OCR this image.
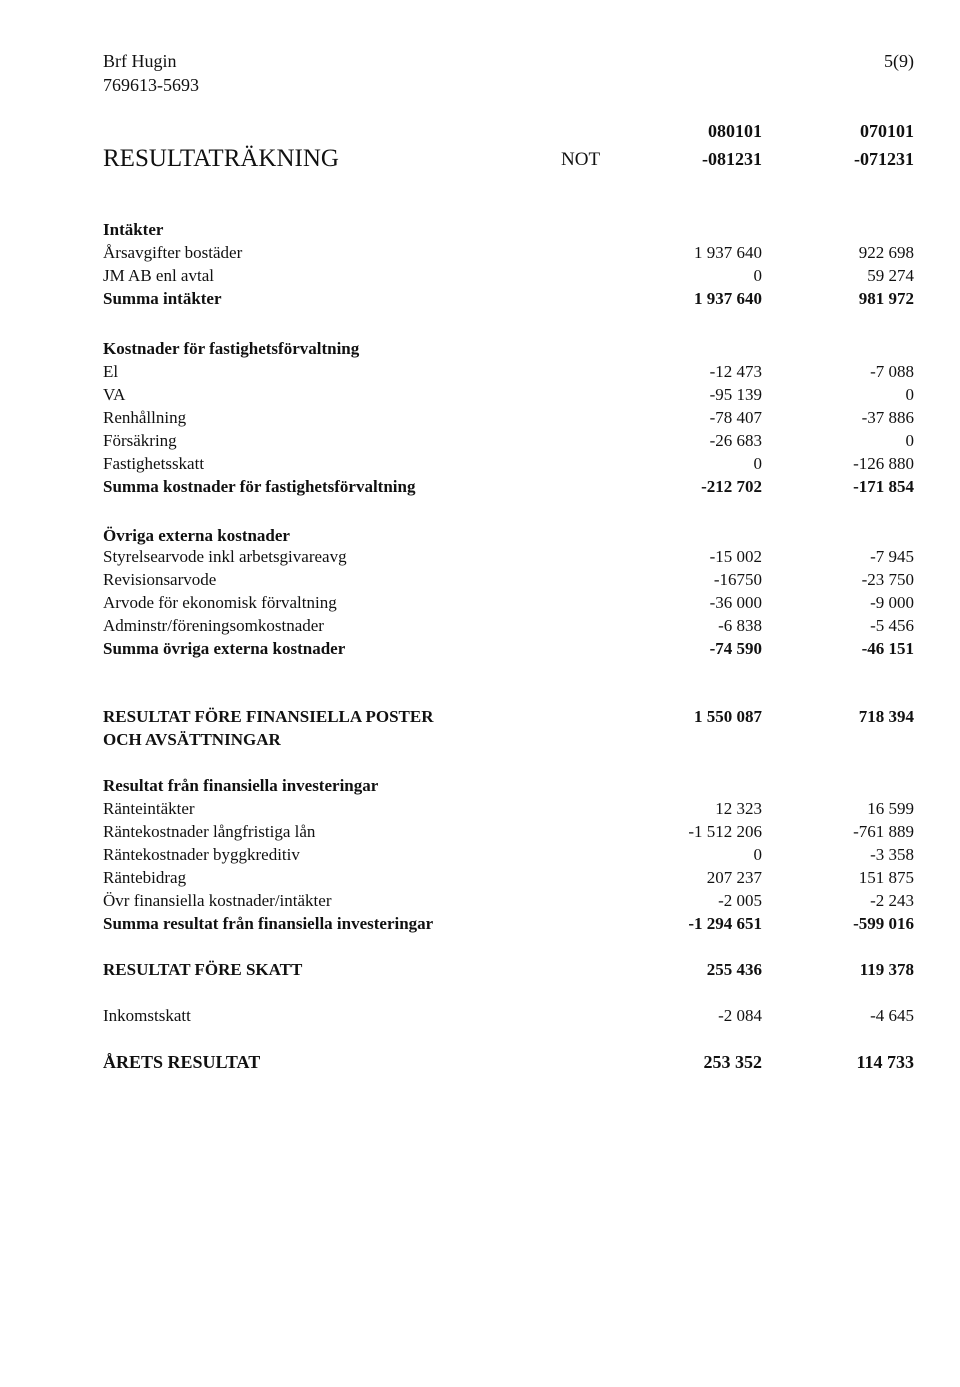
Brf Hugin
769613-5693
5(9)
080101	070101
RESULTATRÄKNING	NOT	-081231	-071231
Intäkter
Årsavgifter bostäder	1 937 640	922 698
JM AB enl avtal	0	59 274
Summa intäkter	1 937 640	981 972
Kostnader för fastighetsförvaltning
El	-12 473	-7 088
VA	-95 139	0
Renhållning	-78 407	-37 886
Försäkring	-26 683	0
Fastighetsskatt	0	-126 880
Summa kostnader för fastighetsförvaltning	-212 702	-171 854
Övriga externa kostnader
Styrelsearvode inkl arbetsgivareavg	-15 002	-7 945
Revisionsarvode	-16750	-23 750
Arvode för ekonomisk förvaltning	-36 000	-9 000
Adminstr/föreningsomkostnader	-6 838	-5 456
Summa övriga externa kostnader	-74 590	-46 151
RESULTAT FÖRE FINANSIELLA POSTER
OCH AVSÄTTNINGAR
1 550 087	718 394
Resultat från finansiella investeringar
Ränteintäkter	12 323	16 599
Räntekostnader långfristiga lån	-1 512 206	-761 889
Räntekostnader byggkreditiv	0	-3 358
Räntebidrag	207 237	151 875
Övr finansiella kostnader/intäkter	-2 005	-2 243
Summa resultat från finansiella investeringar	-1 294 651	-599 016
RESULTAT FÖRE SKATT	255 436	119 378
Inkomstskatt	-2 084	-4 645
ÅRETS RESULTAT	253 352	114 733
